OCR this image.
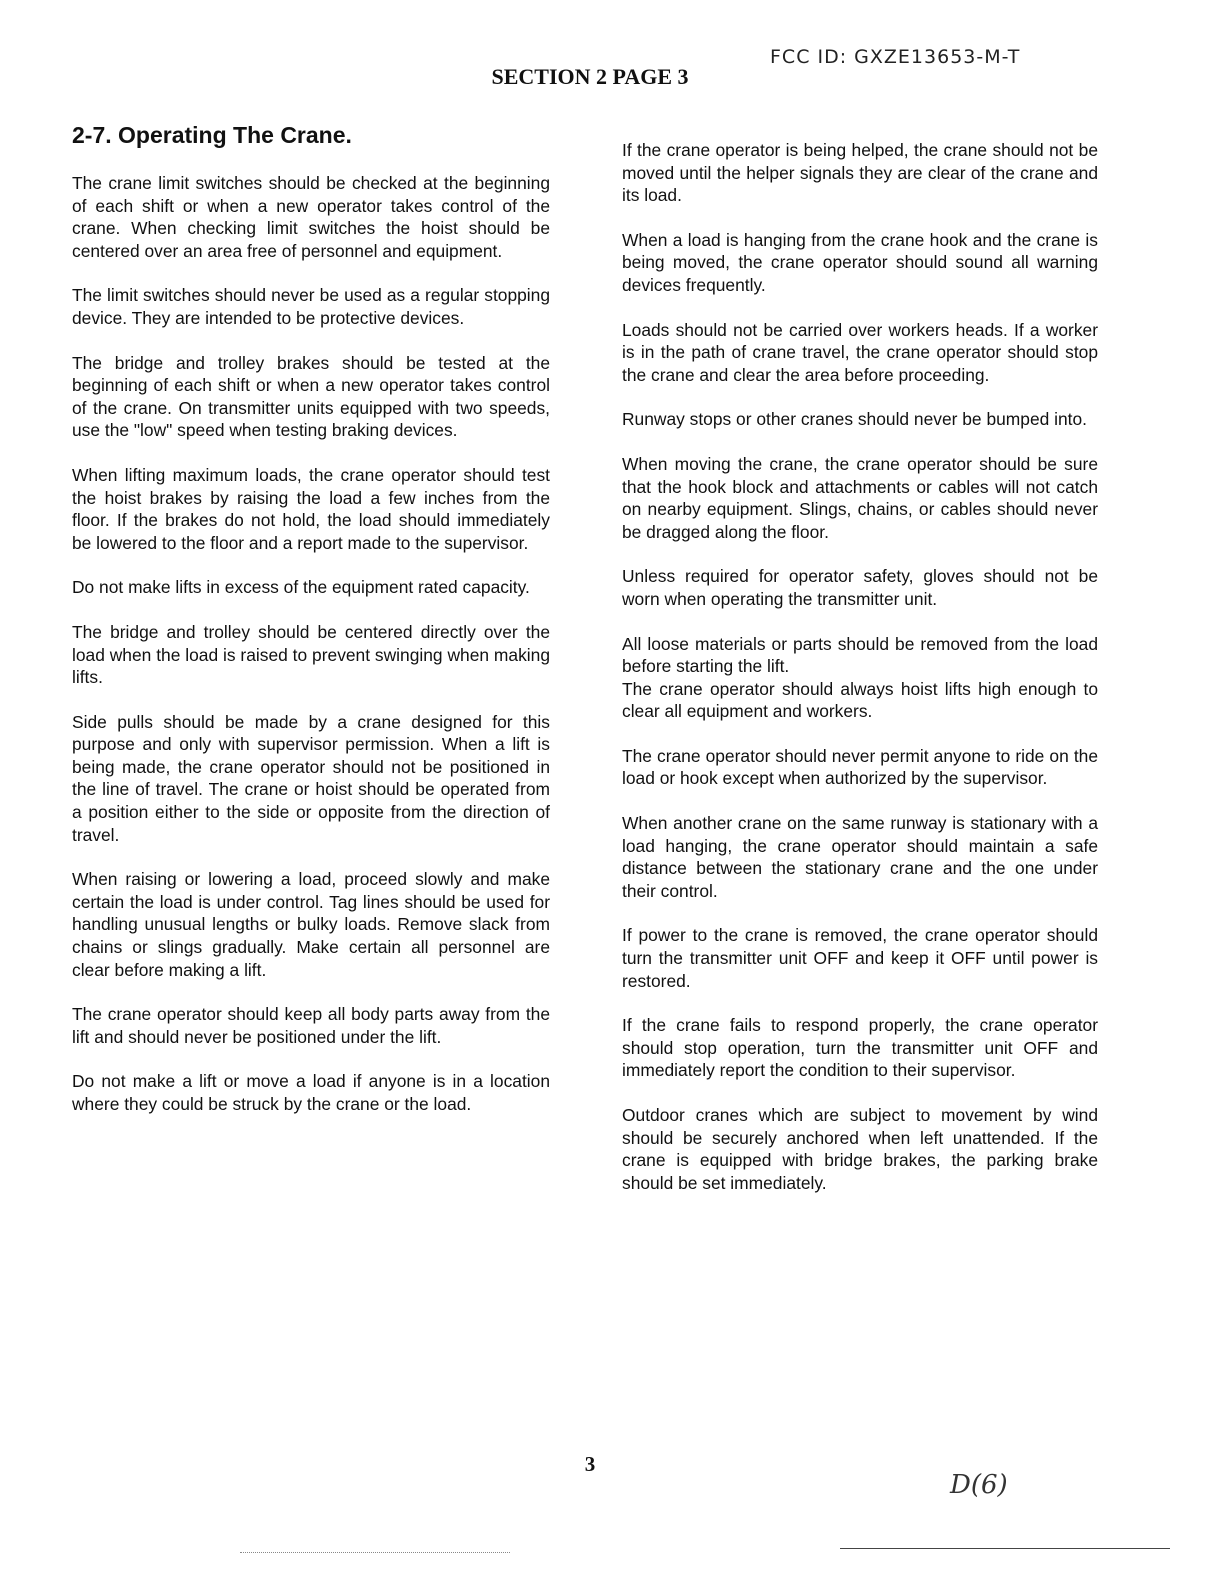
FCC ID: GXZE13653-M-T
SECTION 2 PAGE 3
2-7. Operating The Crane.

The crane limit switches should be checked at the beginning of each shift or when a new operator takes control of the crane. When checking limit switches the hoist should be centered over an area free of personnel and equipment.

The limit switches should never be used as a regular stopping device. They are intended to be protective devices.

The bridge and trolley brakes should be tested at the beginning of each shift or when a new operator takes control of the crane. On transmitter units equipped with two speeds, use the "low" speed when testing braking devices.

When lifting maximum loads, the crane operator should test the hoist brakes by raising the load a few inches from the floor. If the brakes do not hold, the load should immediately be lowered to the floor and a report made to the supervisor.

Do not make lifts in excess of the equipment rated capacity.

The bridge and trolley should be centered directly over the load when the load is raised to prevent swinging when making lifts.

Side pulls should be made by a crane designed for this purpose and only with supervisor permission. When a lift is being made, the crane operator should not be positioned in the line of travel. The crane or hoist should be operated from a position either to the side or opposite from the direction of travel.

When raising or lowering a load, proceed slowly and make certain the load is under control. Tag lines should be used for handling unusual lengths or bulky loads. Remove slack from chains or slings gradually. Make certain all personnel are clear before making a lift.

The crane operator should keep all body parts away from the lift and should never be positioned under the lift.

Do not make a lift or move a load if anyone is in a location where they could be struck by the crane or the load.

If the crane operator is being helped, the crane should not be moved until the helper signals they are clear of the crane and its load.

When a load is hanging from the crane hook and the crane is being moved, the crane operator should sound all warning devices frequently.

Loads should not be carried over workers heads. If a worker is in the path of crane travel, the crane operator should stop the crane and clear the area before proceeding.

Runway stops or other cranes should never be bumped into.

When moving the crane, the crane operator should be sure that the hook block and attachments or cables will not catch on nearby equipment. Slings, chains, or cables should never be dragged along the floor.

Unless required for operator safety, gloves should not be worn when operating the transmitter unit.

All loose materials or parts should be removed from the load before starting the lift.
The crane operator should always hoist lifts high enough to clear all equipment and workers.

The crane operator should never permit anyone to ride on the load or hook except when authorized by the supervisor.

When another crane on the same runway is stationary with a load hanging, the crane operator should maintain a safe distance between the stationary crane and the one under their control.

If power to the crane is removed, the crane operator should turn the transmitter unit OFF and keep it OFF until power is restored.

If the crane fails to respond properly, the crane operator should stop operation, turn the transmitter unit OFF and immediately report the condition to their supervisor.

Outdoor cranes which are subject to movement by wind should be securely anchored when left unattended. If the crane is equipped with bridge brakes, the parking brake should be set immediately.

3
D(6)
